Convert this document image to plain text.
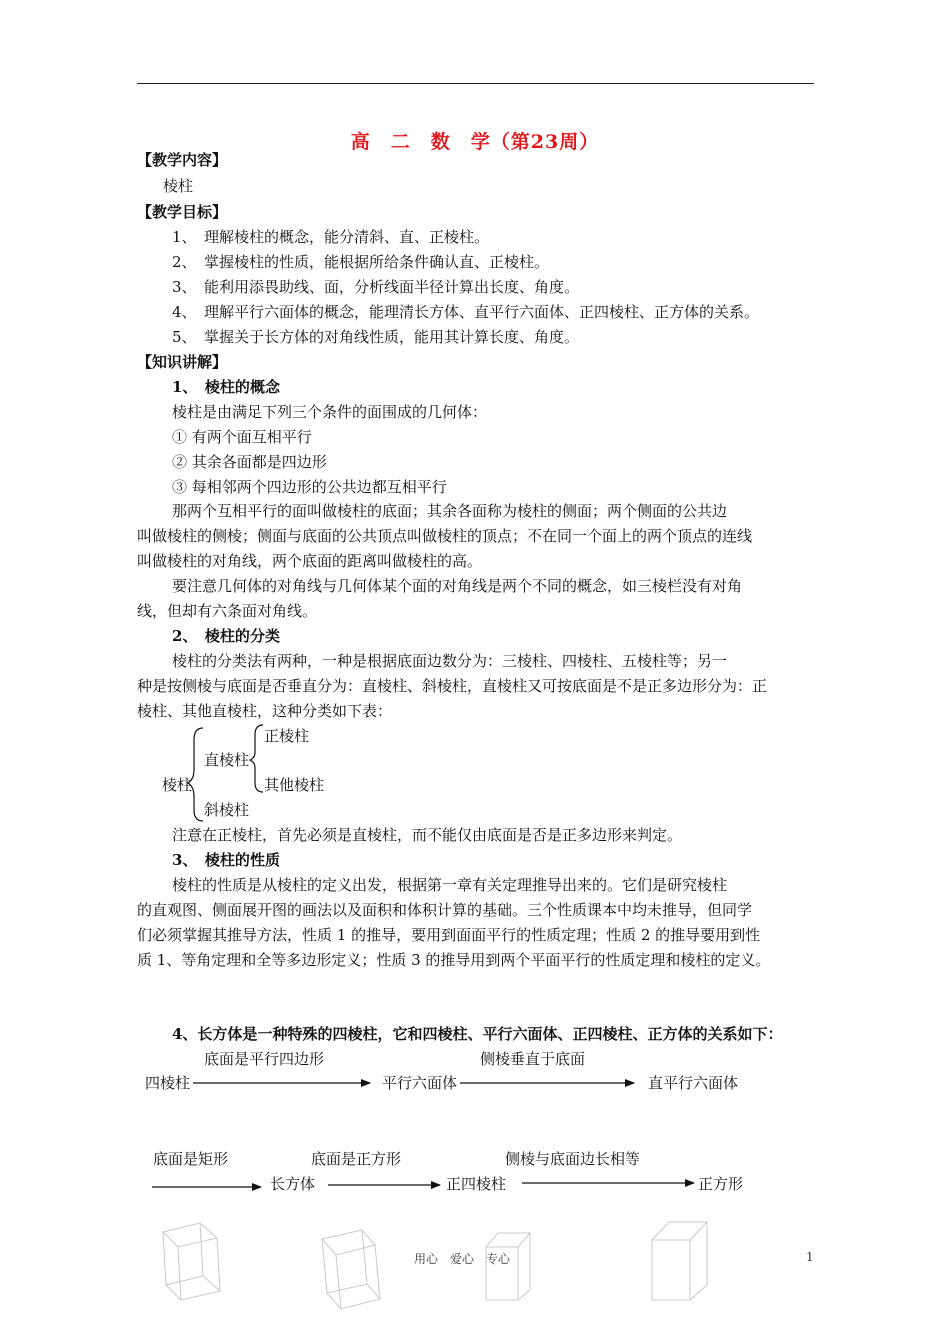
高　二　数　学（第23周）
【教学内容】
棱柱
【教学目标】
1、　理解棱柱的概念，能分清斜、直、正棱柱。
2、　掌握棱柱的性质，能根据所给条件确认直、正棱柱。
3、　能利用添畏助线、面，分析线面半径计算出长度、角度。
4、　理解平行六面体的概念，能理清长方体、直平行六面体、正四棱柱、正方体的关系。
5、　掌握关于长方体的对角线性质，能用其计算长度、角度。
【知识讲解】
1、　棱柱的概念
棱柱是由满足下列三个条件的面围成的几何体：
① 有两个面互相平行
② 其余各面都是四边形
③ 每相邻两个四边形的公共边都互相平行
那两个互相平行的面叫做棱柱的底面；其余各面称为棱柱的侧面；两个侧面的公共边
叫做棱柱的侧棱；侧面与底面的公共顶点叫做棱柱的顶点；不在同一个面上的两个顶点的连线
叫做棱柱的对角线，两个底面的距离叫做棱柱的高。
要注意几何体的对角线与几何体某个面的对角线是两个不同的概念，如三棱栏没有对角
线，但却有六条面对角线。
2、　棱柱的分类
棱柱的分类法有两种，一种是根据底面边数分为：三棱柱、四棱柱、五棱柱等；另一
种是按侧棱与底面是否垂直分为：直棱柱、斜棱柱，直棱柱又可按底面是不是正多边形分为：正
棱柱、其他直棱柱，这种分类如下表：
棱柱
直棱柱
正棱柱
其他棱柱
斜棱柱
注意在正棱柱，首先必须是直棱柱，而不能仅由底面是否是正多边形来判定。
3、　棱柱的性质
棱柱的性质是从棱柱的定义出发，根据第一章有关定理推导出来的。它们是研究棱柱
的直观图、侧面展开图的画法以及面积和体积计算的基础。三个性质课本中均未推导，但同学
们必须掌握其推导方法，性质 1 的推导，要用到面面平行的性质定理；性质 2 的推导要用到性
质 1、等角定理和全等多边形定义；性质 3 的推导用到两个平面平行的性质定理和棱柱的定义。
4、长方体是一种特殊的四棱柱，它和四棱柱、平行六面体、正四棱柱、正方体的关系如下：
底面是平行四边形	侧棱垂直于底面
四棱柱	平行六面体	直平行六面体
底面是矩形	底面是正方形	侧棱与底面边长相等
长方体	正四棱柱	正方形
用心　爱心　专心	1
